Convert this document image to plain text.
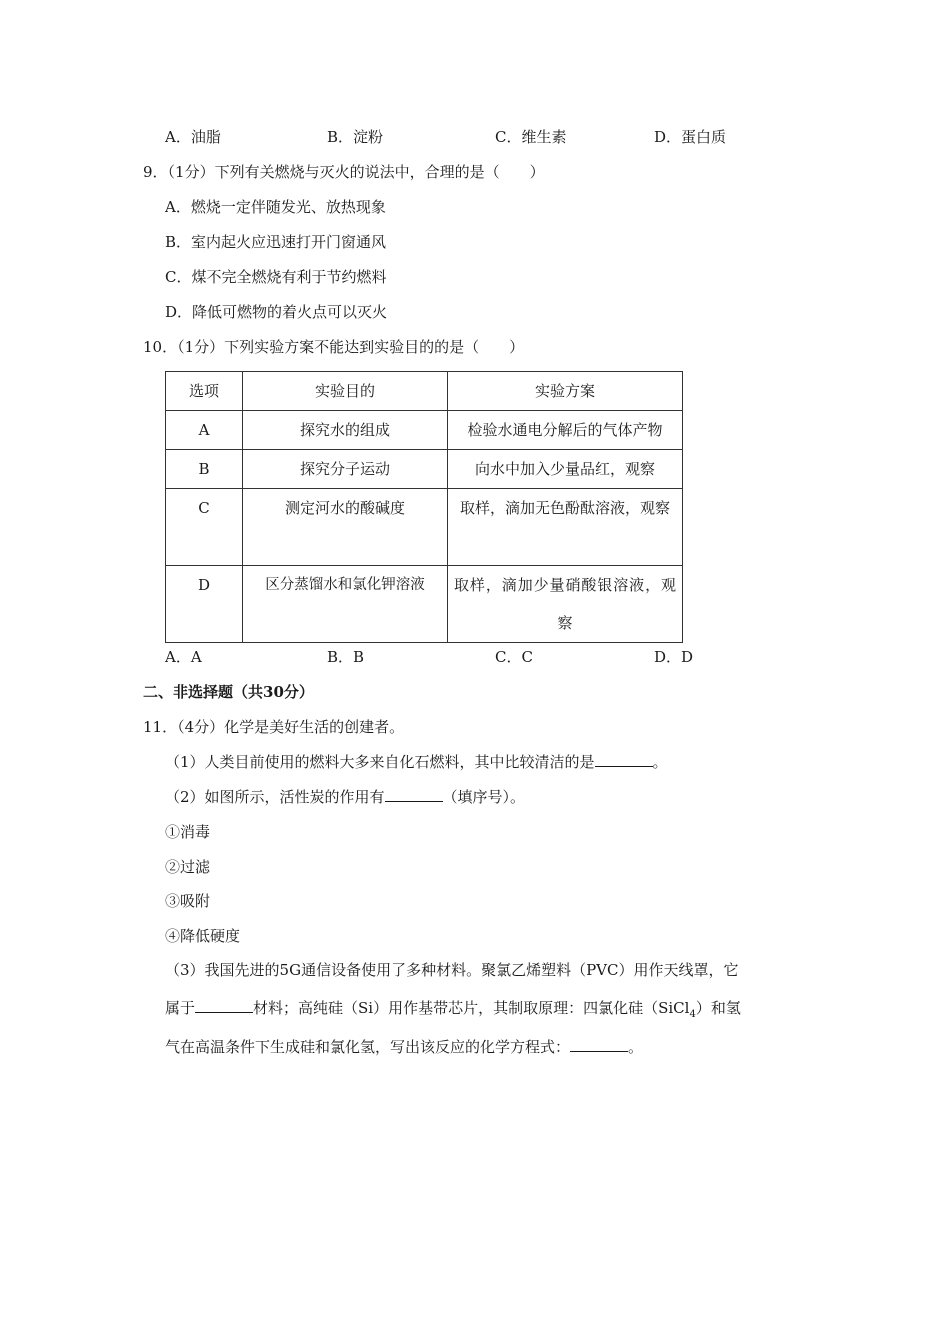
A．油脂	B．淀粉	C．维生素	D．蛋白质
9．（1分）下列有关燃烧与灭火的说法中，合理的是（　　）
A．燃烧一定伴随发光、放热现象
B．室内起火应迅速打开门窗通风
C．煤不完全燃烧有利于节约燃料
D．降低可燃物的着火点可以灭火
10．（1分）下列实验方案不能达到实验目的的是（　　）
选项	实验目的	实验方案
A	探究水的组成	检验水通电分解后的气体产物
B	探究分子运动	向水中加入少量品红，观察
C	测定河水的酸碱度	取样，滴加无色酚酞溶液，观察
D	区分蒸馏水和氯化钾溶液	取样，滴加少量硝酸银溶液，观察
A．A	B．B	C．C	D．D
二、非选择题（共30分）
11．（4分）化学是美好生活的创建者。
（1）人类目前使用的燃料大多来自化石燃料，其中比较清洁的是	。
（2）如图所示，活性炭的作用有	（填序号）。
①消毒
②过滤
③吸附
④降低硬度
（3）我国先进的5G通信设备使用了多种材料。聚氯乙烯塑料（PVC）用作天线罩，它
属于	材料；高纯硅（Si）用作基带芯片，其制取原理：四氯化硅（SiCl$_4$）和氢
气在高温条件下生成硅和氯化氢，写出该反应的化学方程式：	。
